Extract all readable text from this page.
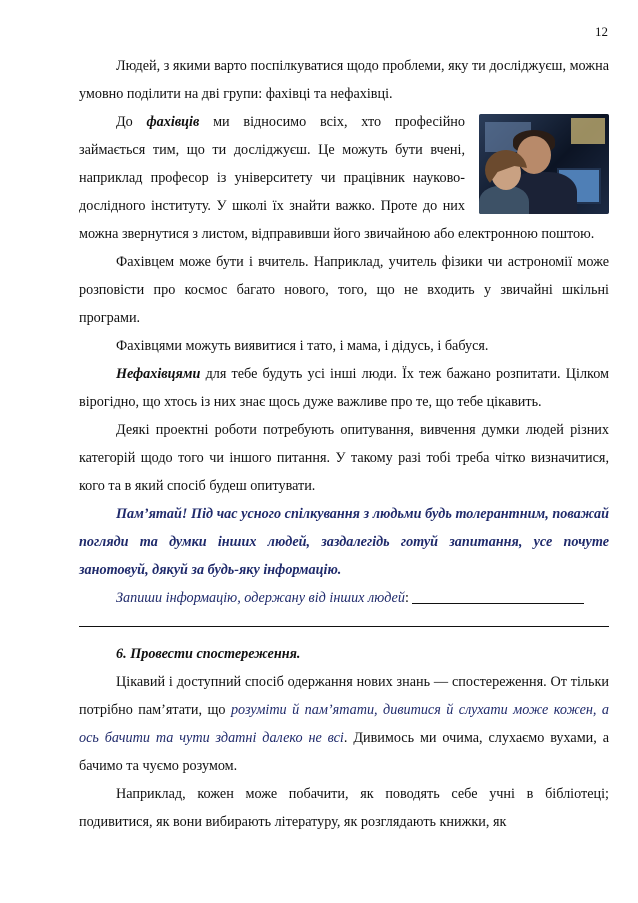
12

Людей, з якими варто поспілкуватися щодо проблеми, яку ти досліджуєш, можна умовно поділити на дві групи: фахівці та нефахівці.

До фахівців ми відносимо всіх, хто професійно займається тим, що ти досліджуєш. Це можуть бути вчені, наприклад професор із університету чи працівник науково-дослідного інституту. У школі їх знайти важко. Проте до них можна звернутися з листом, відправивши його звичайною або електронною поштою.

Фахівцем може бути і вчитель. Наприклад, учитель фізики чи астрономії може розповісти про космос багато нового, того, що не входить у звичайні шкільні програми.

Фахівцями можуть виявитися і тато, і мама, і дідусь, і бабуся.

Нефахівцями для тебе будуть усі інші люди. Їх теж бажано розпитати. Цілком вірогідно, що хтось із них знає щось дуже важливе про те, що тебе цікавить.

Деякі проектні роботи потребують опитування, вивчення думки людей різних категорій щодо того чи іншого питання. У такому разі тобі треба чітко визначитися, кого та в який спосіб будеш опитувати.

Пам’ятай! Під час усного спілкування з людьми будь толерантним, поважай погляди та думки інших людей, заздалегідь готуй запитання, усе почуте занотовуй, дякуй за будь-яку інформацію.

Запиши інформацію, одержану від інших людей:

6. Провести спостереження.

Цікавий і доступний спосіб одержання нових знань — спостереження. От тільки потрібно пам’ятати, що розуміти й пам’ятати, дивитися й слухати може кожен, а ось бачити та чути здатні далеко не всі. Дивимось ми очима, слухаємо вухами, а бачимо та чуємо розумом.

Наприклад, кожен може побачити, як поводять себе учні в бібліотеці; подивитися, як вони вибирають літературу, як розглядають книжки, як
